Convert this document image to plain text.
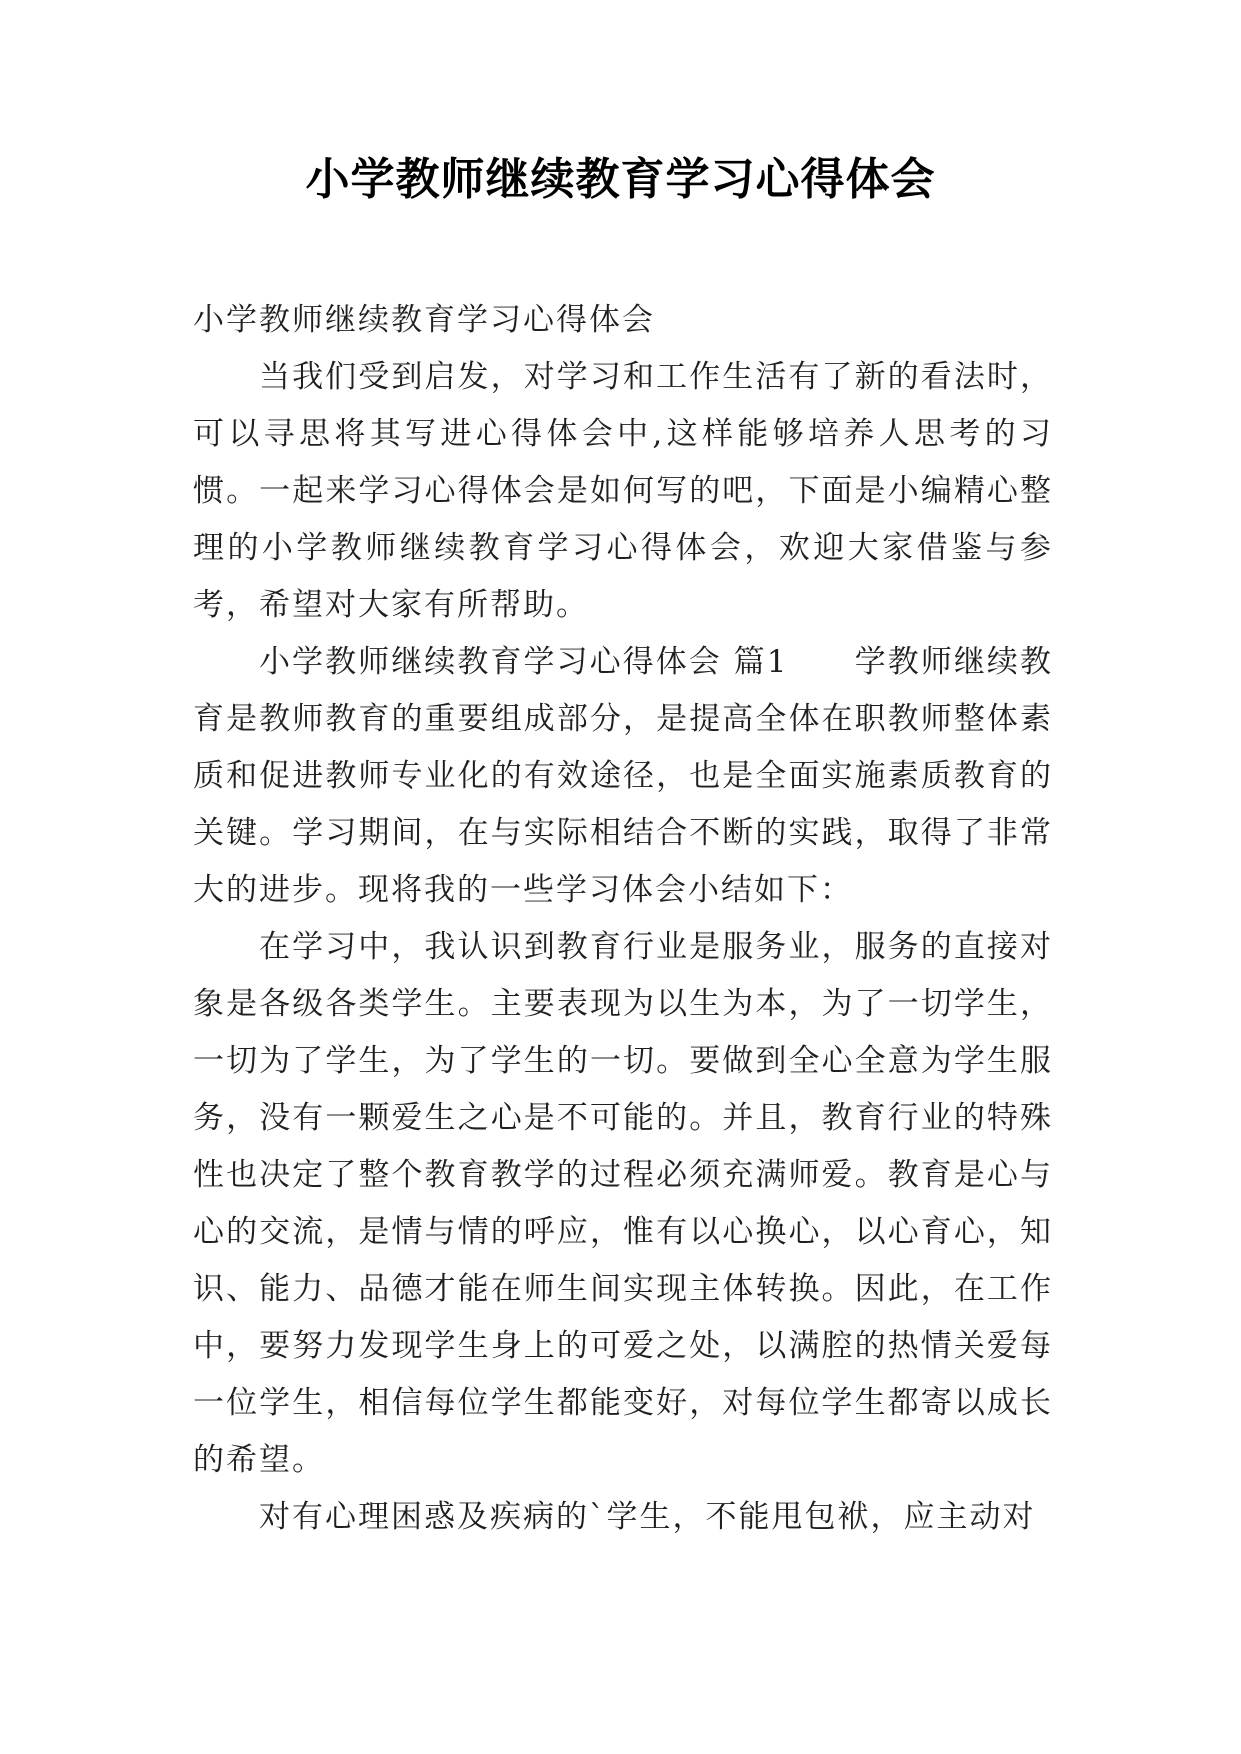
小学教师继续教育学习心得体会

小学教师继续教育学习心得体会

当我们受到启发，对学习和工作生活有了新的看法时，可以寻思将其写进心得体会中,这样能够培养人思考的习惯。一起来学习心得体会是如何写的吧，下面是小编精心整理的小学教师继续教育学习心得体会，欢迎大家借鉴与参考，希望对大家有所帮助。

小学教师继续教育学习心得体会 篇1　　学教师继续教育是教师教育的重要组成部分，是提高全体在职教师整体素质和促进教师专业化的有效途径，也是全面实施素质教育的关键。学习期间，在与实际相结合不断的实践，取得了非常大的进步。现将我的一些学习体会小结如下：

在学习中，我认识到教育行业是服务业，服务的直接对象是各级各类学生。主要表现为以生为本，为了一切学生，一切为了学生，为了学生的一切。要做到全心全意为学生服务，没有一颗爱生之心是不可能的。并且，教育行业的特殊性也决定了整个教育教学的过程必须充满师爱。教育是心与心的交流，是情与情的呼应，惟有以心换心，以心育心，知识、能力、品德才能在师生间实现主体转换。因此，在工作中，要努力发现学生身上的可爱之处，以满腔的热情关爱每一位学生，相信每位学生都能变好，对每位学生都寄以成长的希望。

对有心理困惑及疾病的`学生，不能甩包袱，应主动对
